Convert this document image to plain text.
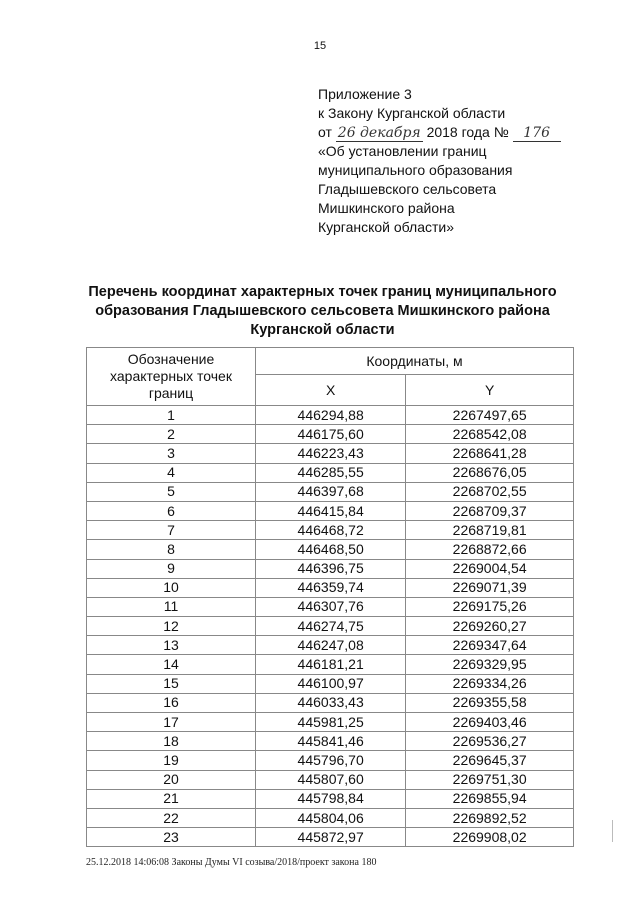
15
Приложение 3
к Закону Курганской области
от 26 декабря 2018 года № 176
«Об установлении границ
муниципального образования
Гладышевского сельсовета
Мишкинского района
Курганской области»
Перечень координат характерных точек границ муниципального
образования Гладышевского сельсовета Мишкинского района
Курганской области
Обозначение характерных точек границ	Координаты, м	
	X	Y
1	446294,88	2267497,65
2	446175,60	2268542,08
3	446223,43	2268641,28
4	446285,55	2268676,05
5	446397,68	2268702,55
6	446415,84	2268709,37
7	446468,72	2268719,81
8	446468,50	2268872,66
9	446396,75	2269004,54
10	446359,74	2269071,39
11	446307,76	2269175,26
12	446274,75	2269260,27
13	446247,08	2269347,64
14	446181,21	2269329,95
15	446100,97	2269334,26
16	446033,43	2269355,58
17	445981,25	2269403,46
18	445841,46	2269536,27
19	445796,70	2269645,37
20	445807,60	2269751,30
21	445798,84	2269855,94
22	445804,06	2269892,52
23	445872,97	2269908,02
25.12.2018 14:06:08 Законы Думы VI созыва/2018/проект закона 180
